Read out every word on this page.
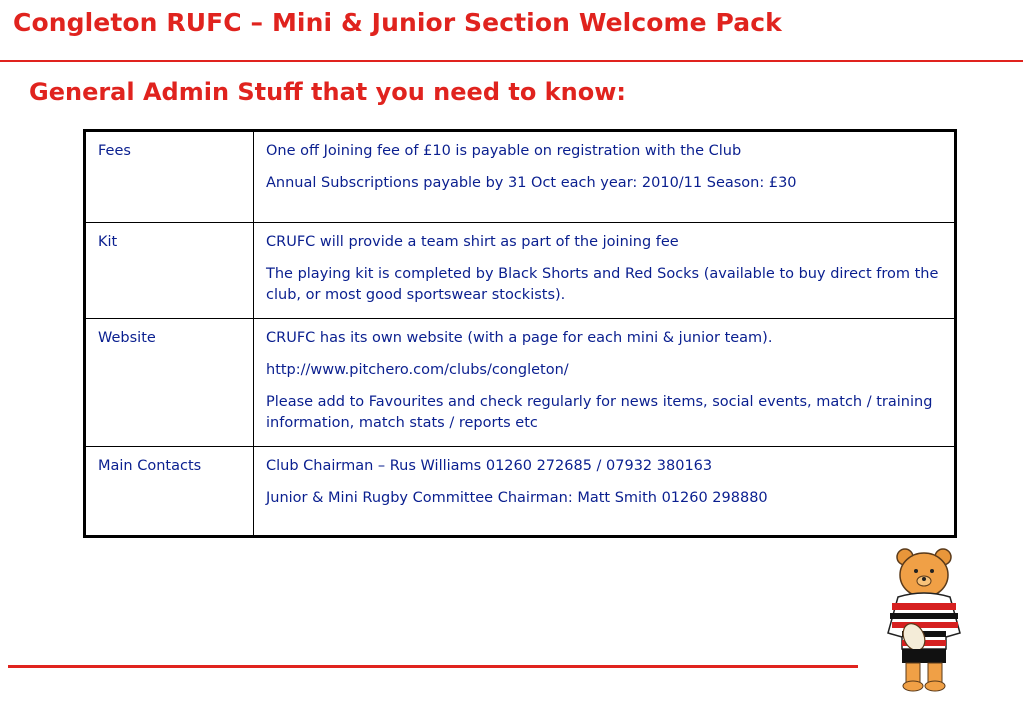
Congleton RUFC – Mini & Junior Section Welcome Pack
General Admin Stuff that you need to know:
Fees	One off Joining fee of £10 is payable on registration with the Club

Annual Subscriptions payable by 31 Oct each year: 2010/11 Season: £30

Kit	CRUFC will provide a team shirt as part of the joining fee

The playing kit is completed by Black Shorts and Red Socks (available to buy direct from the club, or most good sportswear stockists).

Website	CRUFC has its own website (with a page for each mini & junior team).

http://www.pitchero.com/clubs/congleton/

Please add to Favourites and check regularly for news items, social events, match / training information, match stats / reports etc

Main Contacts	Club Chairman – Rus Williams 01260 272685 / 07932 380163

Junior & Mini Rugby Committee Chairman: Matt Smith 01260 298880
